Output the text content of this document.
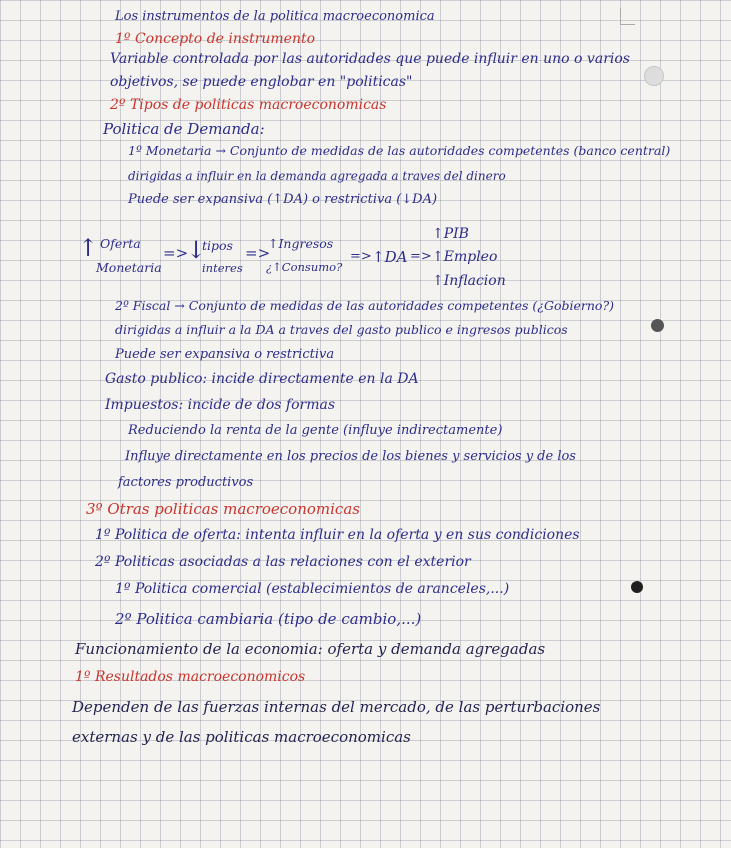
Los instrumentos de la politica macroeconomica
1º Concepto de instrumento
Variable controlada por las autoridades que puede influir en uno o varios
objetivos, se puede englobar en "politicas"
2º Tipos de politicas macroeconomicas
Politica de Demanda:
1º Monetaria → Conjunto de medidas de las autoridades competentes (banco central)
dirigidas a influir en la demanda agregada a traves del dinero
Puede ser expansiva (↑DA) o restrictiva (↓DA)
↑ Oferta
Monetaria
=>
↓
tipos
interes
=>
↑Ingresos
¿↑Consumo?
=> ↑DA =>
↑PIB
↑Empleo
↑Inflacion
2º Fiscal → Conjunto de medidas de las autoridades competentes (¿Gobierno?)
dirigidas a influir a la DA a traves del gasto publico e ingresos publicos
Puede ser expansiva o restrictiva
Gasto publico: incide directamente en la DA
Impuestos: incide de dos formas
Reduciendo la renta de la gente (influye indirectamente)
Influye directamente en los precios de los bienes y servicios y de los
factores productivos
3º Otras politicas macroeconomicas
1º Politica de oferta: intenta influir en la oferta y en sus condiciones
2º Politicas asociadas a las relaciones con el exterior
1º Politica comercial (establecimientos de aranceles,...)
2º Politica cambiaria (tipo de cambio,...)
Funcionamiento de la economia: oferta y demanda agregadas
1º Resultados macroeconomicos
Dependen de las fuerzas internas del mercado, de las perturbaciones
externas y de las politicas macroeconomicas
